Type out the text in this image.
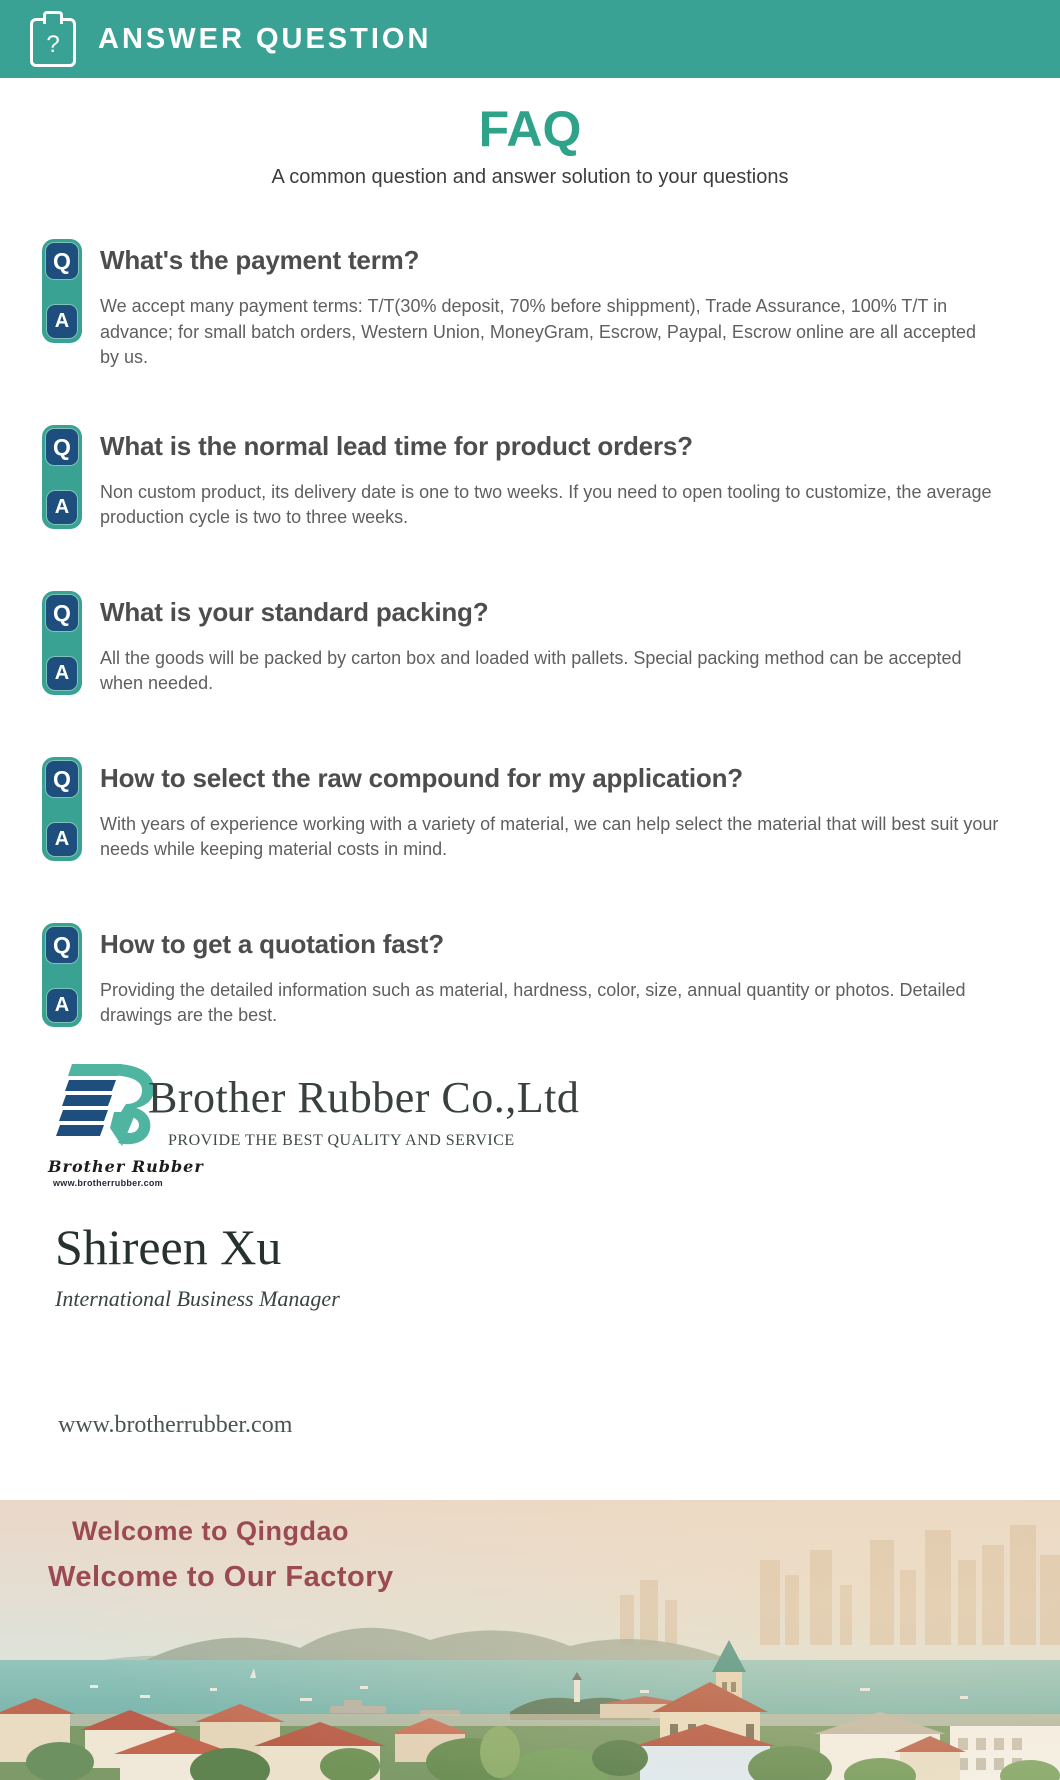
?	ANSWER QUESTION
FAQ
A common question and answer solution to your questions
Q
A
What's the payment term?
We accept many payment terms: T/T(30% deposit, 70% before shippment), Trade Assurance, 100% T/T in advance; for small batch orders, Western Union, MoneyGram, Escrow, Paypal, Escrow online are all accepted by us.
Q
A
What is the normal lead time for product orders?
Non custom product, its delivery date is one to two weeks. If you need to open tooling to customize, the average production cycle is two to three weeks.
Q
A
What is your standard packing?
All the goods will be packed by carton box and loaded with pallets. Special packing method can be accepted when needed.
Q
A
How to select the raw compound for my application?
With years of experience working with a variety of material, we can help select the material that will best suit your needs while keeping material costs in mind.
Q
A
How to get a quotation fast?
Providing the detailed information such as material, hardness, color, size, annual quantity or photos. Detailed drawings are the best.
Brother Rubber
www.brotherrubber.com
Brother Rubber Co.,Ltd
PROVIDE THE BEST QUALITY AND SERVICE
Shireen Xu
International Business Manager
www.brotherrubber.com
Welcome to Qingdao
Welcome to Our Factory
